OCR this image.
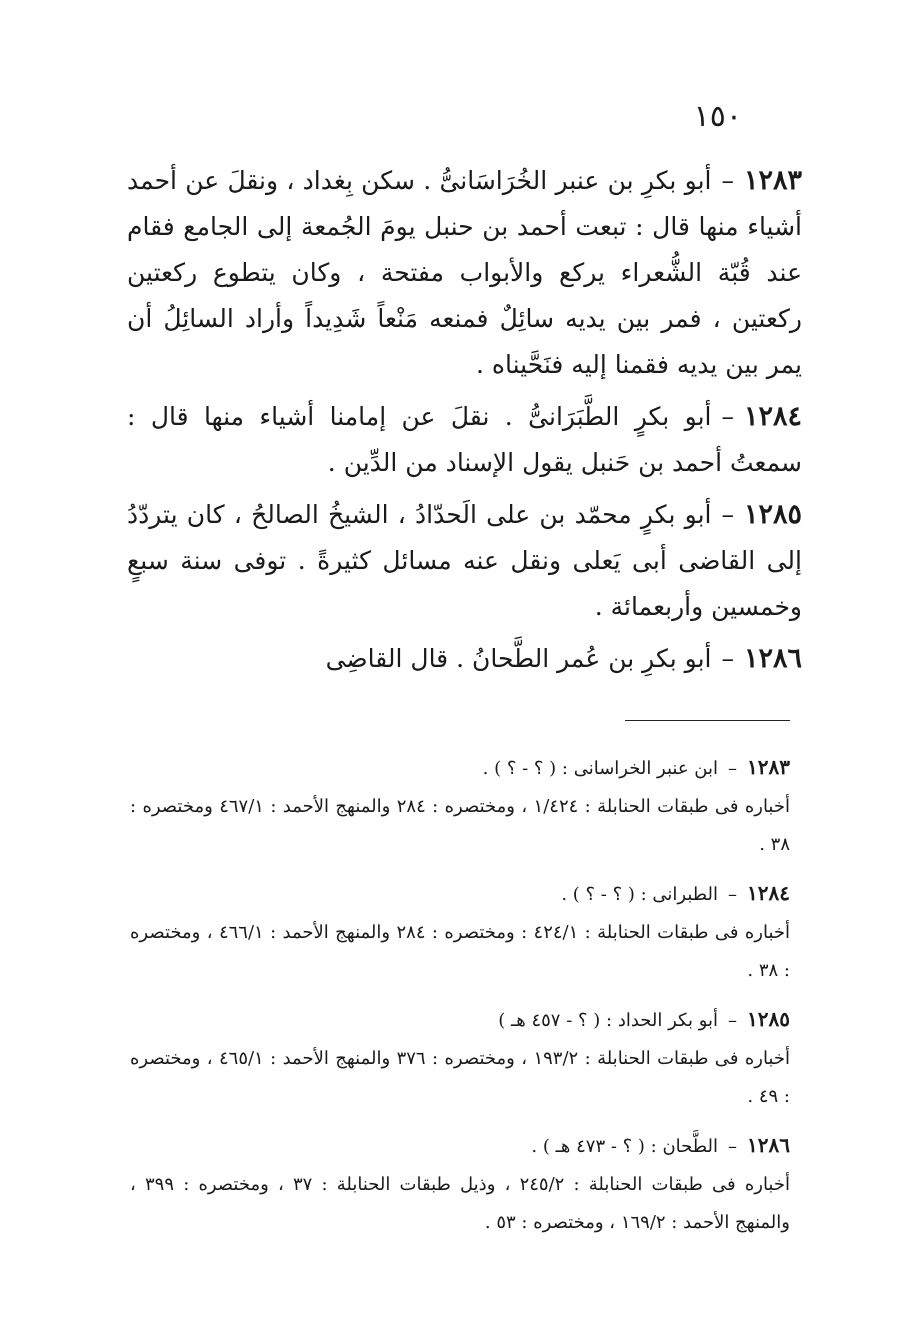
١٥٠

١٢٨٣–أبو بكرِ بن عنبر الخُرَاسَانىُّ . سكن بِغداد ، ونقلَ عن أحمد أشياء منها قال : تبعت أحمد بن حنبل يومَ الجُمعة إلى الجامع فقام عند قُبّة الشُّعراء يركع والأبواب مفتحة ، وكان يتطوع ركعتين ركعتين ، فمر بين يديه سائِلٌ فمنعه مَنْعاً شَدِيداً وأراد السائِلُ أن يمر بين يديه فقمنا إليه فنَحَّيناه .

١٢٨٤–أبو بكرٍ الطَّبَرَانىُّ . نقلَ عن إمامنا أشياء منها قال : سمعتُ أحمد بن حَنبل يقول الإسناد من الدِّين .

١٢٨٥–أبو بكرٍ محمّد بن على الَحدّادُ ، الشيخُ الصالحُ ، كان يتردّدُ إلى القاضى أبى يَعلى ونقل عنه مسائل كثيرةً . توفى سنة سبعٍ وخمسين وأربعمائة .

١٢٨٦–أبو بكرِ بن عُمر الطَّحانُ . قال القاضِى

١٢٨٣–ابن عنبر الخراسانى : ( ؟ - ؟ ) .
أخباره فى طبقات الحنابلة : ١/٤٢٤ ، ومختصره : ٢٨٤ والمنهج الأحمد : ٤٦٧/١ ومختصره : ٣٨ .
١٢٨٤–الطبرانى : ( ؟ - ؟ ) .
أخباره فى طبقات الحنابلة : ٤٢٤/١ : ومختصره : ٢٨٤ والمنهج الأحمد : ٤٦٦/١ ، ومختصره : ٣٨ .
١٢٨٥–أبو بكر الحداد : ( ؟ - ٤٥٧ هـ )
أخباره فى طبقات الحنابلة : ١٩٣/٢ ، ومختصره : ٣٧٦ والمنهج الأحمد : ٤٦٥/١ ، ومختصره : ٤٩ .
١٢٨٦–الطَّحان : ( ؟ - ٤٧٣ هـ ) .
أخباره فى طبقات الحنابلة : ٢٤٥/٢ ، وذيل طبقات الحنابلة : ٣٧ ، ومختصره : ٣٩٩ ، والمنهج الأحمد : ١٦٩/٢ ، ومختصره : ٥٣ .
